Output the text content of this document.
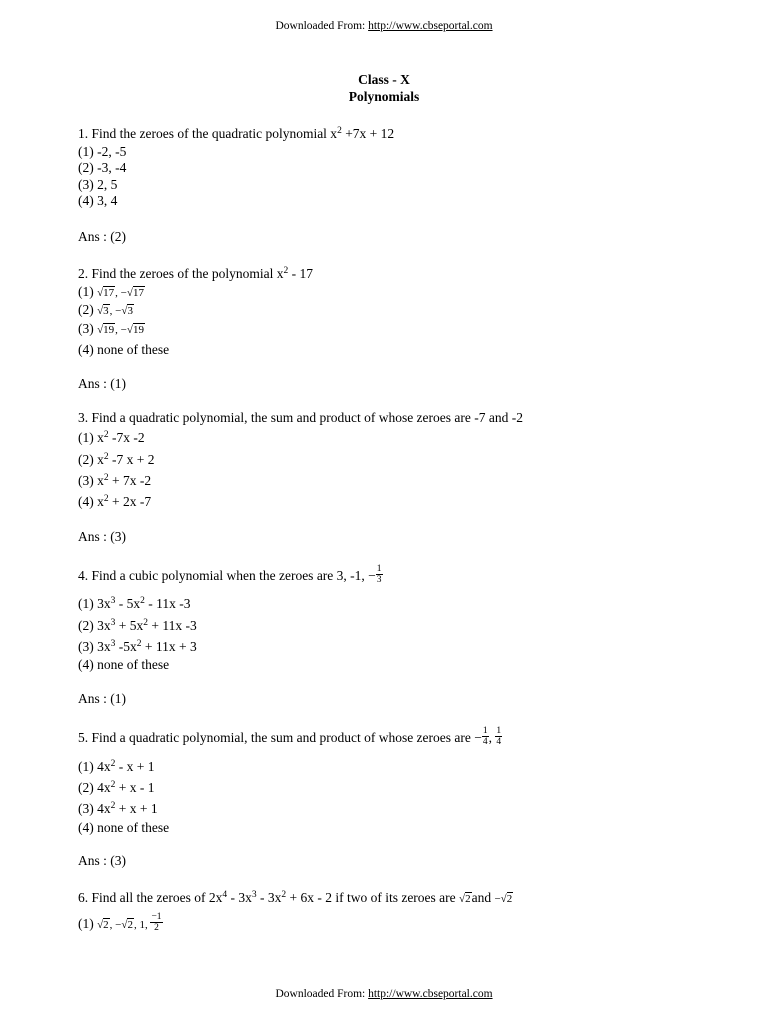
Downloaded From: http://www.cbseportal.com
Class - X
Polynomials
1. Find the zeroes of the quadratic polynomial $x^2 +7x + 12$
(1) -2, -5
(2) -3, -4
(3) 2, 5
(4) 3, 4
Ans : (2)
2. Find the zeroes of the polynomial $x^2 - 17$
(1) √17, −√17
(2) √3, −√3
(3) √19, −√19
(4) none of these
Ans : (1)
3. Find a quadratic polynomial, the sum and product of whose zeroes are -7 and -2
(1) $x^2$ -7x -2
(2) $x^2$ -7 x + 2
(3) $x^2 + 7x$ -2
(4) $x^2 + 2x$ -7
Ans : (3)
4. Find a cubic polynomial when the zeroes are 3, -1, − $\frac{1}{3}$
(1) $3x^3 - 5x^2 - 11x$ -3
(2) $3x^3 + 5x^2 + 11x$ -3
(3) $3x^3$ $-5x^2 + 11x + 3$
(4) none of these
Ans : (1)
5. Find a quadratic polynomial, the sum and product of whose zeroes are − $\frac{1}{4}$ , $\frac{1}{4}$
(1) $4x^2 - x + 1$
(2) $4x^2 + x - 1$
(3) $4x^2 + x + 1$
(4) none of these
Ans : (3)
6. Find all the zeroes of $2x^4 - 3x^3 - 3x^2 + 6x - 2$ if two of its zeroes are √2and −√2
(1) √2, −√2, 1, $\frac{-1}{2}$
Downloaded From: http://www.cbseportal.com
